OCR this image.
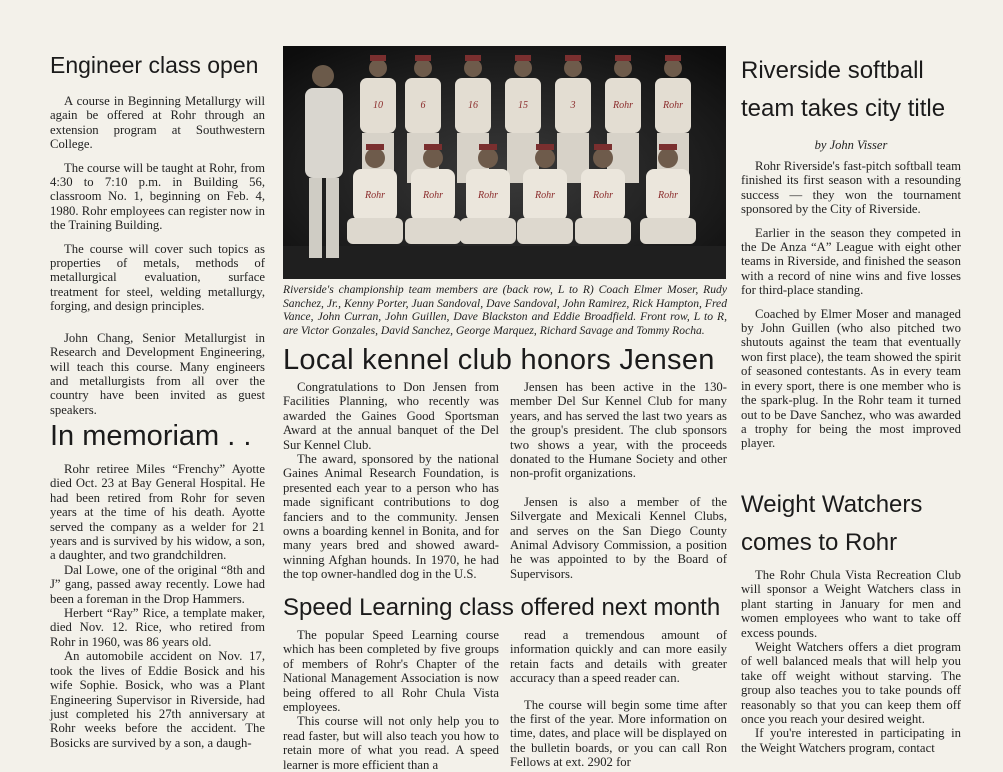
Engineer class open

A course in Beginning Metallurgy will again be offered at Rohr through an extension program at Southwestern College.

The course will be taught at Rohr, from 4:30 to 7:10 p.m. in Building 56, classroom No. 1, beginning on Feb. 4, 1980. Rohr employees can register now in the Training Building.

The course will cover such topics as properties of metals, methods of metallurgical evaluation, surface treatment for steel, welding metallurgy, forging, and design principles.

John Chang, Senior Metallurgist in Research and Development Engineering, will teach this course. Many engineers and metallurgists from all over the country have been invited as guest speakers.

In memoriam . .

Rohr retiree Miles “Frenchy” Ayotte died Oct. 23 at Bay General Hospital. He had been retired from Rohr for seven years at the time of his death. Ayotte served the company as a welder for 21 years and is survived by his widow, a son, a daughter, and two grandchildren.

Dal Lowe, one of the original “8th and J” gang, passed away recently. Lowe had been a foreman in the Drop Hammers.

Herbert “Ray” Rice, a template maker, died Nov. 12. Rice, who retired from Rohr in 1960, was 86 years old.

An automobile accident on Nov. 17, took the lives of Eddie Bosick and his wife Sophie. Bosick, who was a Plant Engineering Supervisor in Riverside, had just completed his 27th anniversary at Rohr weeks before the accident. The Bosicks are survived by a son, a daugh-

10	6	16	15	3	Rohr	Rohr
Rohr	Rohr	Rohr	Rohr	Rohr	Rohr
Riverside's championship team members are (back row, L to R) Coach Elmer Moser, Rudy Sanchez, Jr., Kenny Porter, Juan Sandoval, Dave Sandoval, John Ramirez, Rick Hampton, Fred Vance, John Curran, John Guillen, Dave Blackston and Eddie Broadfield. Front row, L to R, are Victor Gonzales, David Sanchez, George Marquez, Richard Savage and Tommy Rocha.
Local kennel club honors Jensen

Congratulations to Don Jensen from Facilities Planning, who recently was awarded the Gaines Good Sportsman Award at the annual banquet of the Del Sur Kennel Club.

The award, sponsored by the national Gaines Animal Research Foundation, is presented each year to a person who has made significant contributions to dog fanciers and to the community. Jensen owns a boarding kennel in Bonita, and for many years bred and showed award-winning Afghan hounds. In 1970, he had the top owner-handled dog in the U.S.

Jensen has been active in the 130-member Del Sur Kennel Club for many years, and has served the last two years as the group's president. The club sponsors two shows a year, with the proceeds donated to the Humane Society and other non-profit organizations.

Jensen is also a member of the Silvergate and Mexicali Kennel Clubs, and serves on the San Diego County Animal Advisory Commission, a position he was appointed to by the Board of Supervisors.

Speed Learning class offered next month

The popular Speed Learning course which has been completed by five groups of members of Rohr's Chapter of the National Management Association is now being offered to all Rohr Chula Vista employees.

This course will not only help you to read faster, but will also teach you how to retain more of what you read. A speed learner is more efficient than a

read a tremendous amount of information quickly and can more easily retain facts and details with greater accuracy than a speed reader can.

The course will begin some time after the first of the year. More information on time, dates, and place will be displayed on the bulletin boards, or you can call Ron Fellows at ext. 2902 for

Riverside softball team takes city title
by John Visser

Rohr Riverside's fast-pitch softball team finished its first season with a resounding success — they won the tournament sponsored by the City of Riverside.

Earlier in the season they competed in the De Anza “A” League with eight other teams in Riverside, and finished the season with a record of nine wins and five losses for third-place standing.

Coached by Elmer Moser and managed by John Guillen (who also pitched two shutouts against the team that eventually won first place), the team showed the spirit of seasoned contestants. As in every team in every sport, there is one member who is the spark-plug. In the Rohr team it turned out to be Dave Sanchez, who was awarded a trophy for being the most improved player.

Weight Watchers comes to Rohr

The Rohr Chula Vista Recreation Club will sponsor a Weight Watchers class in plant starting in January for men and women employees who want to take off excess pounds.

Weight Watchers offers a diet program of well balanced meals that will help you take off weight without starving. The group also teaches you to take pounds off reasonably so that you can keep them off once you reach your desired weight.

If you're interested in participating in the Weight Watchers program, contact
